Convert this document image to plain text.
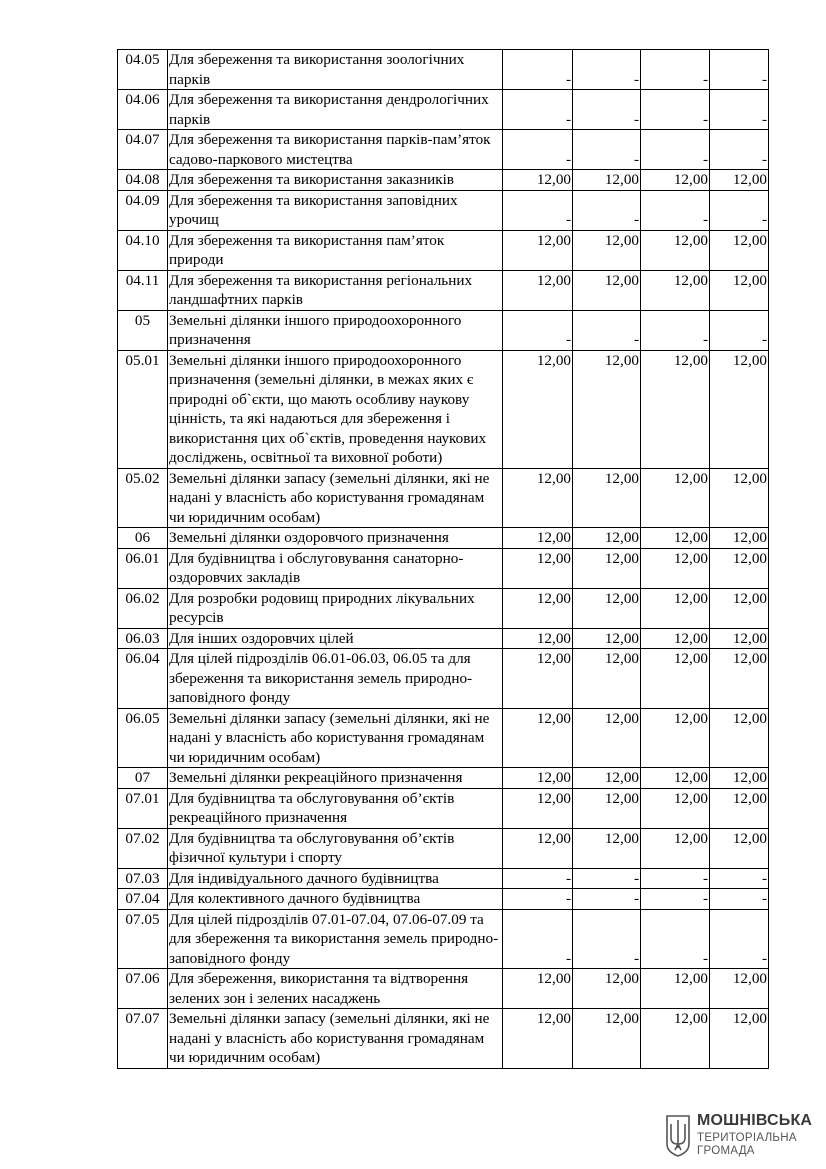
04.05	Для збереження та використання зоологічних парків	-	-	-	-
04.06	Для збереження та використання дендрологічних парків	-	-	-	-
04.07	Для збереження та використання парків-пам’яток садово-паркового мистецтва	-	-	-	-
04.08	Для збереження та використання заказників	12,00	12,00	12,00	12,00
04.09	Для збереження та використання заповідних урочищ	-	-	-	-
04.10	Для збереження та використання пам’яток природи	12,00	12,00	12,00	12,00
04.11	Для збереження та використання регіональних ландшафтних парків	12,00	12,00	12,00	12,00
05	Земельні ділянки іншого природоохоронного призначення	-	-	-	-
05.01	Земельні ділянки іншого природоохоронного призначення (земельні ділянки, в межах яких є природні об`єкти, що мають особливу наукову цінність, та які надаються для збереження і використання цих об`єктів, проведення наукових досліджень, освітньої та виховної роботи)	12,00	12,00	12,00	12,00
05.02	Земельні ділянки запасу (земельні ділянки, які не надані у власність або користування громадянам чи юридичним особам)	12,00	12,00	12,00	12,00
06	Земельні ділянки оздоровчого призначення	12,00	12,00	12,00	12,00
06.01	Для будівництва і обслуговування санаторно-оздоровчих закладів	12,00	12,00	12,00	12,00
06.02	Для розробки родовищ природних лікувальних ресурсів	12,00	12,00	12,00	12,00
06.03	Для інших оздоровчих цілей	12,00	12,00	12,00	12,00
06.04	Для цілей підрозділів 06.01-06.03, 06.05 та для збереження та використання земель природно-заповідного фонду	12,00	12,00	12,00	12,00
06.05	Земельні ділянки запасу (земельні ділянки, які не надані у власність або користування громадянам чи юридичним особам)	12,00	12,00	12,00	12,00
07	Земельні ділянки рекреаційного призначення	12,00	12,00	12,00	12,00
07.01	Для будівництва та обслуговування об’єктів рекреаційного призначення	12,00	12,00	12,00	12,00
07.02	Для будівництва та обслуговування об’єктів фізичної культури і спорту	12,00	12,00	12,00	12,00
07.03	Для індивідуального дачного будівництва	-	-	-	-
07.04	Для колективного дачного будівництва	-	-	-	-
07.05	Для цілей підрозділів 07.01-07.04, 07.06-07.09 та для збереження та використання земель природно-заповідного фонду	-	-	-	-
07.06	Для збереження, використання та відтворення зелених зон і зелених насаджень	12,00	12,00	12,00	12,00
07.07	Земельні ділянки запасу (земельні ділянки, які не надані у власність або користування громадянам чи юридичним особам)	12,00	12,00	12,00	12,00
МОШНІВСЬКА
ТЕРИТОРІАЛЬНА
ГРОМАДА
